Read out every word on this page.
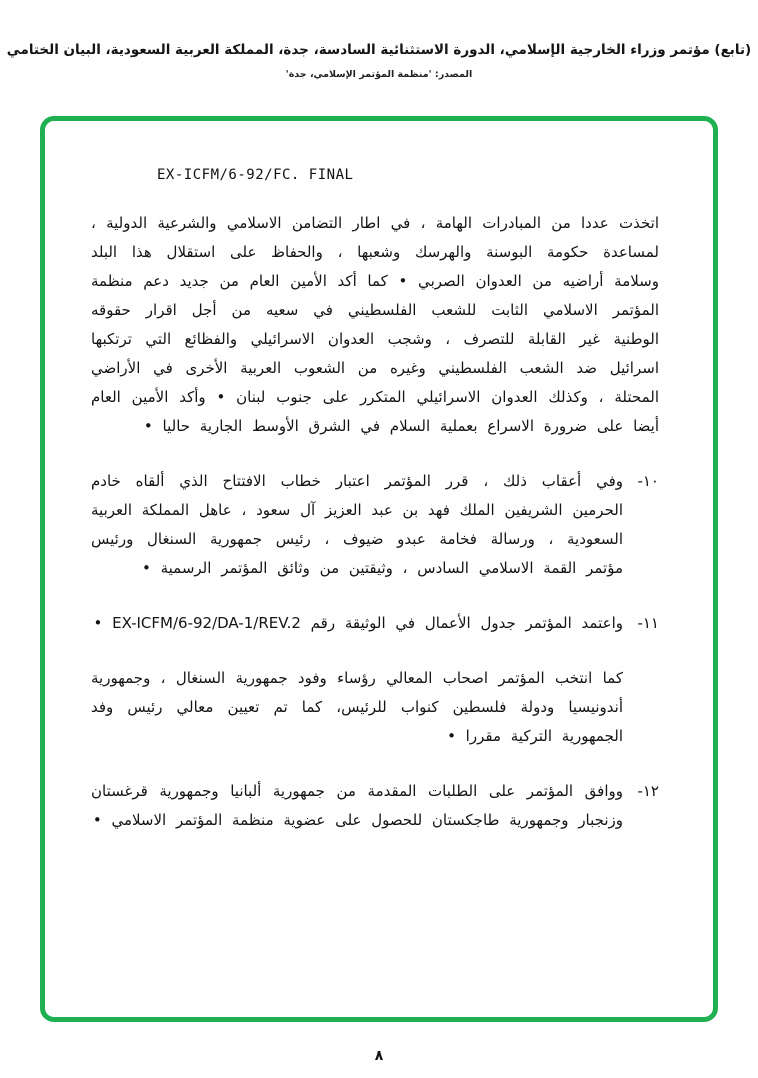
(تابع) مؤتمر وزراء الخارجية الإسلامي، الدورة الاستثنائية السادسة، جدة، المملكة العربية السعودية، البيان الختامي
المصدر: 'منظمة المؤتمر الإسلامي، جدة'
EX-ICFM/6-92/FC. FINAL

اتخذت عددا من المبادرات الهامة ، في اطار التضامن الاسلامي والشرعية الدولية ، لمساعدة حكومة البوسنة والهرسك وشعبها ، والحفاظ على استقلال هذا البلد وسلامة أراضيه من العدوان الصربي • كما أكد الأمين العام من جديد دعم منظمة المؤتمر الاسلامي الثابت للشعب الفلسطيني في سعيه من أجل اقرار حقوقه الوطنية غير القابلة للتصرف ، وشجب العدوان الاسرائيلي والفظائع التي ترتكبها اسرائيل ضد الشعب الفلسطيني وغيره من الشعوب العربية الأخرى في الأراضي المحتلة ، وكذلك العدوان الاسرائيلي المتكرر على جنوب لبنان • وأكد الأمين العام أيضا على ضرورة الاسراع بعملية السلام في الشرق الأوسط الجارية حاليا •

١٠-

وفي أعقاب ذلك ، قرر المؤتمر اعتبار خطاب الافتتاح الذي ألقاه خادم الحرمين الشريفين الملك فهد بن عبد العزيز آل سعود ، عاهل المملكة العربية السعودية ، ورسالة فخامة عبدو ضيوف ، رئيس جمهورية السنغال ورئيس مؤتمر القمة الاسلامي السادس ، وثيقتين من وثائق المؤتمر الرسمية •

١١-

واعتمد المؤتمر جدول الأعمال في الوثيقة رقم EX-ICFM/6-92/DA-1/REV.2 •

كما انتخب المؤتمر اصحاب المعالي رؤساء وفود جمهورية السنغال ، وجمهورية أندونيسيا ودولة فلسطين كنواب للرئيس، كما تم تعيين معالي رئيس وفد الجمهورية التركية مقررا •

١٢-

ووافق المؤتمر على الطلبات المقدمة من جمهورية ألبانيا وجمهورية قرغستان وزنجبار وجمهورية طاجكستان للحصول على عضوية منظمة المؤتمر الاسلامي •

٨
